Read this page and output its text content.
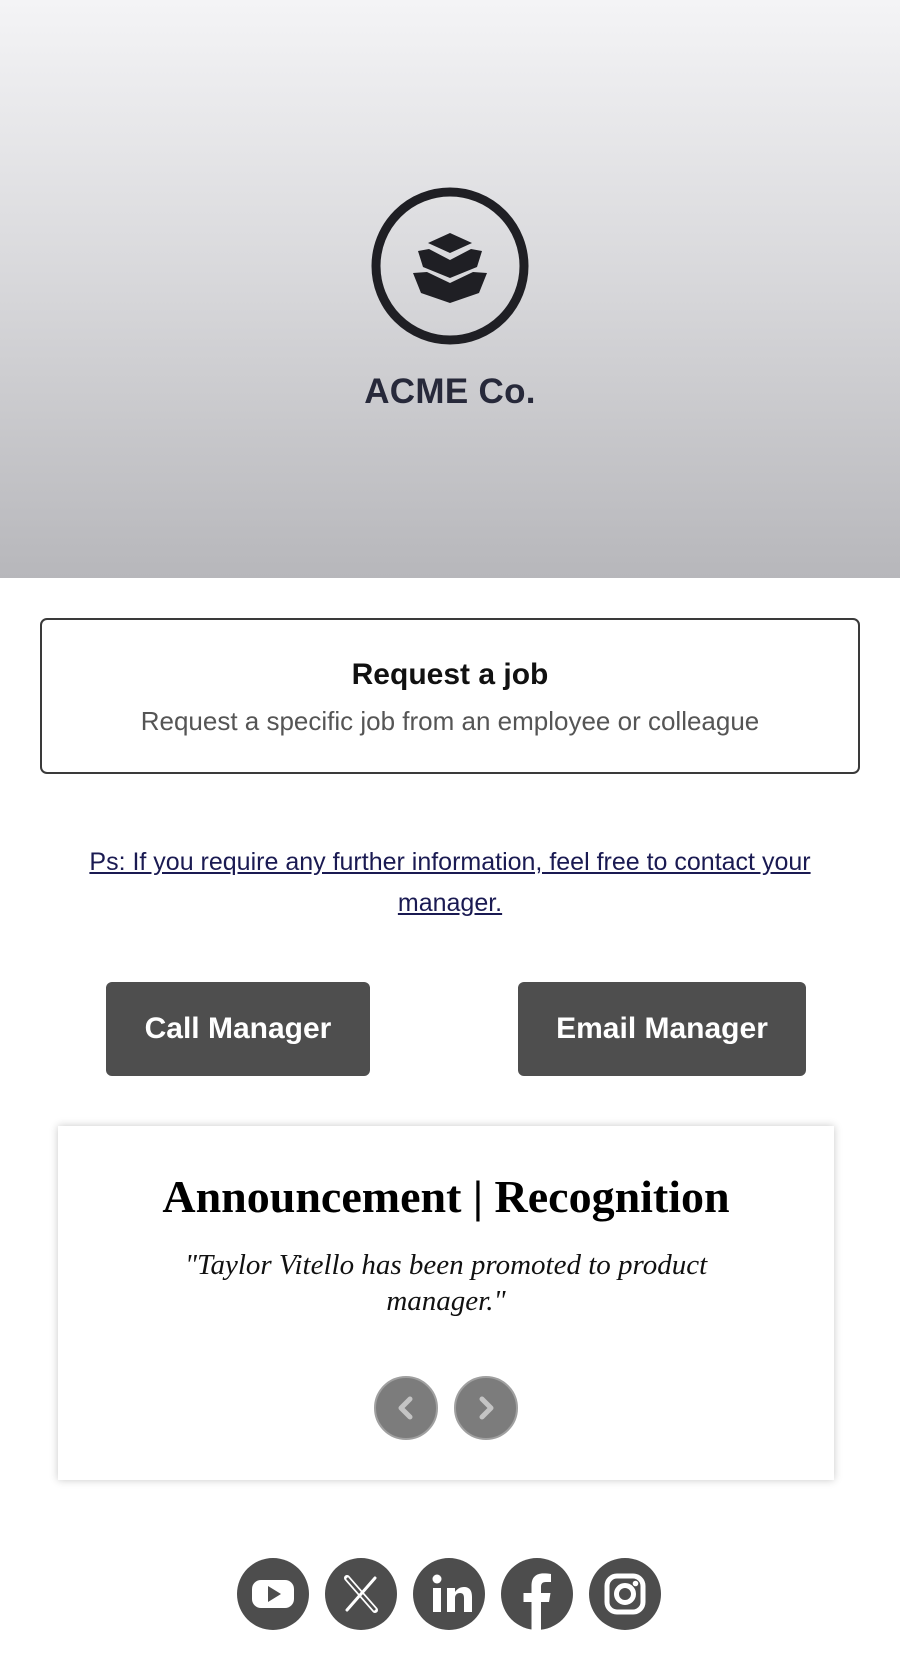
ACME Co.
Request a job
Request a specific job from an employee or colleague
Ps: If you require any further information, feel free to contact your manager.
Call Manager	Email Manager
Announcement | Recognition
"Taylor Vitello has been promoted to product manager."
